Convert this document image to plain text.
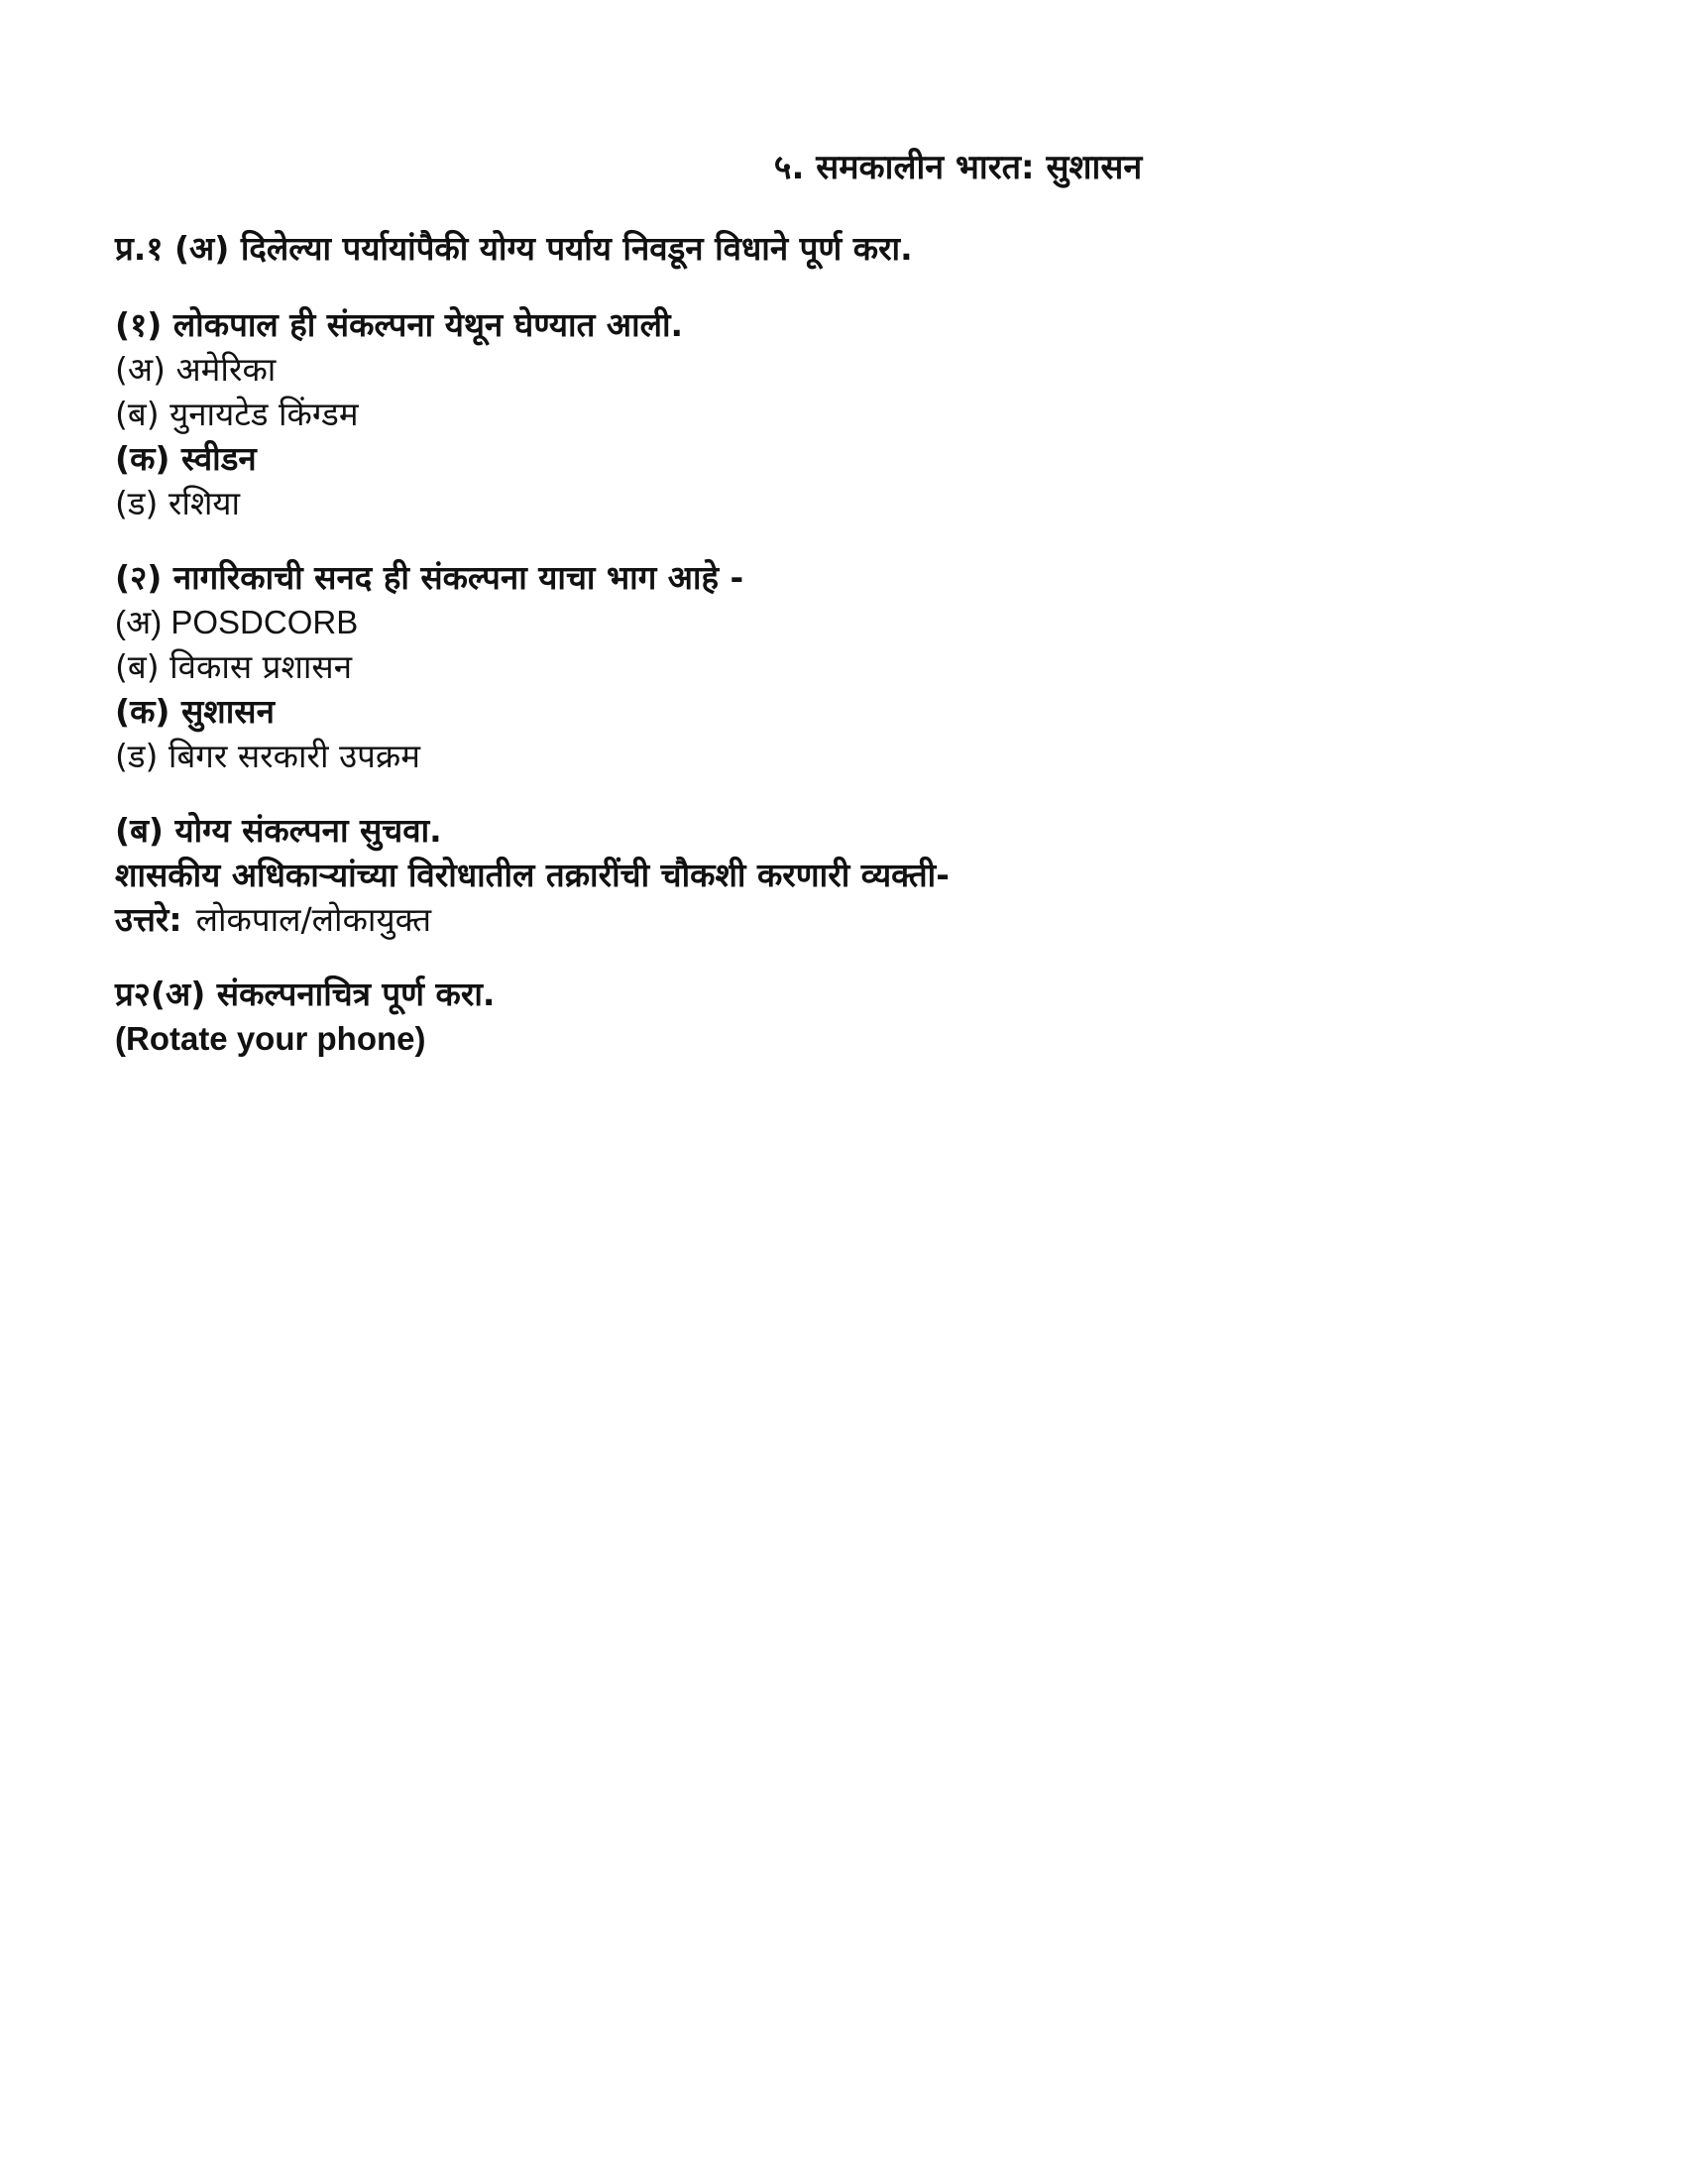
५. समकालीन भारत: सुशासन
प्र.१ (अ) दिलेल्या पर्यायांपैकी योग्य पर्याय निवडून विधाने पूर्ण करा.
(१) लोकपाल ही संकल्पना येथून घेण्यात आली.
(अ) अमेरिका
(ब) युनायटेड किंग्डम
(क) स्वीडन
(ड) रशिया
(२) नागरिकाची सनद ही संकल्पना याचा भाग आहे -
(अ) POSDCORB
(ब) विकास प्रशासन
(क) सुशासन
(ड) बिगर सरकारी उपक्रम
(ब) योग्य संकल्पना सुचवा.
शासकीय अधिकाऱ्यांच्या विरोधातील तक्रारींची चौकशी करणारी व्यक्ती-
उत्तरे: लोकपाल/लोकायुक्त
प्र२(अ) संकल्पनाचित्र पूर्ण करा.
(Rotate your phone)
